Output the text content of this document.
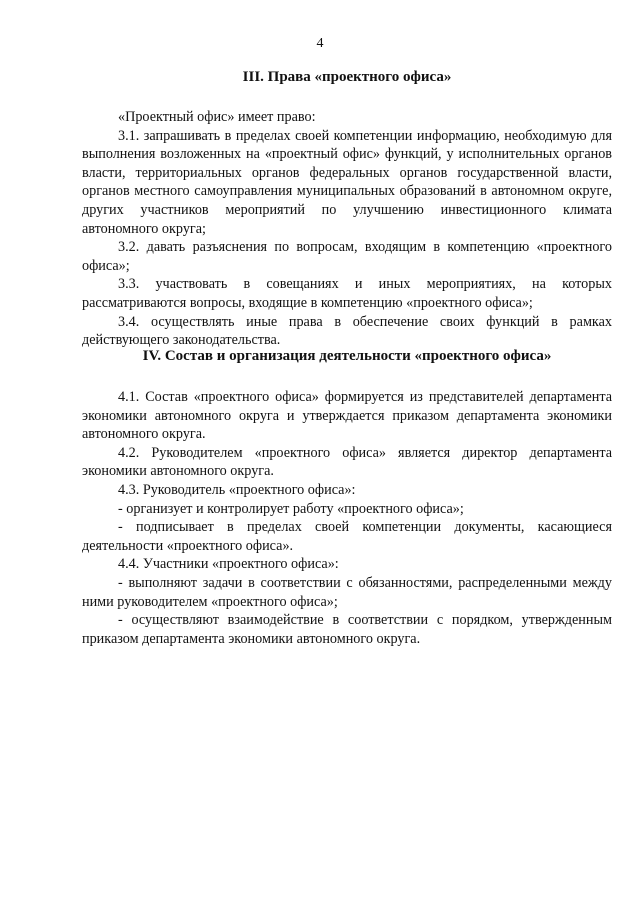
4
III. Права «проектного офиса»

«Проектный офис» имеет право:

3.1. запрашивать в пределах своей компетенции информацию, необходимую для выполнения возложенных на «проектный офис» функций, у исполнительных органов власти, территориальных органов федеральных органов государственной власти, органов местного самоуправления муниципальных образований в автономном округе, других участников мероприятий по улучшению инвестиционного климата автономного округа;

3.2. давать разъяснения по вопросам, входящим в компетенцию «проектного офиса»;

3.3. участвовать в совещаниях и иных мероприятиях, на которых рассматриваются вопросы, входящие в компетенцию «проектного офиса»;

3.4. осуществлять иные права в обеспечение своих функций в рамках действующего законодательства.

IV. Состав и организация деятельности «проектного офиса»

4.1. Состав «проектного офиса» формируется из представителей департамента экономики автономного округа и утверждается приказом департамента экономики автономного округа.

4.2. Руководителем «проектного офиса» является директор департамента экономики автономного округа.

4.3. Руководитель «проектного офиса»:

- организует и контролирует работу «проектного офиса»;

- подписывает в пределах своей компетенции документы, касающиеся деятельности «проектного офиса».

4.4. Участники «проектного офиса»:

- выполняют задачи в соответствии с обязанностями, распределенными между ними руководителем «проектного офиса»;

- осуществляют взаимодействие в соответствии с порядком, утвержденным приказом департамента экономики автономного округа.
